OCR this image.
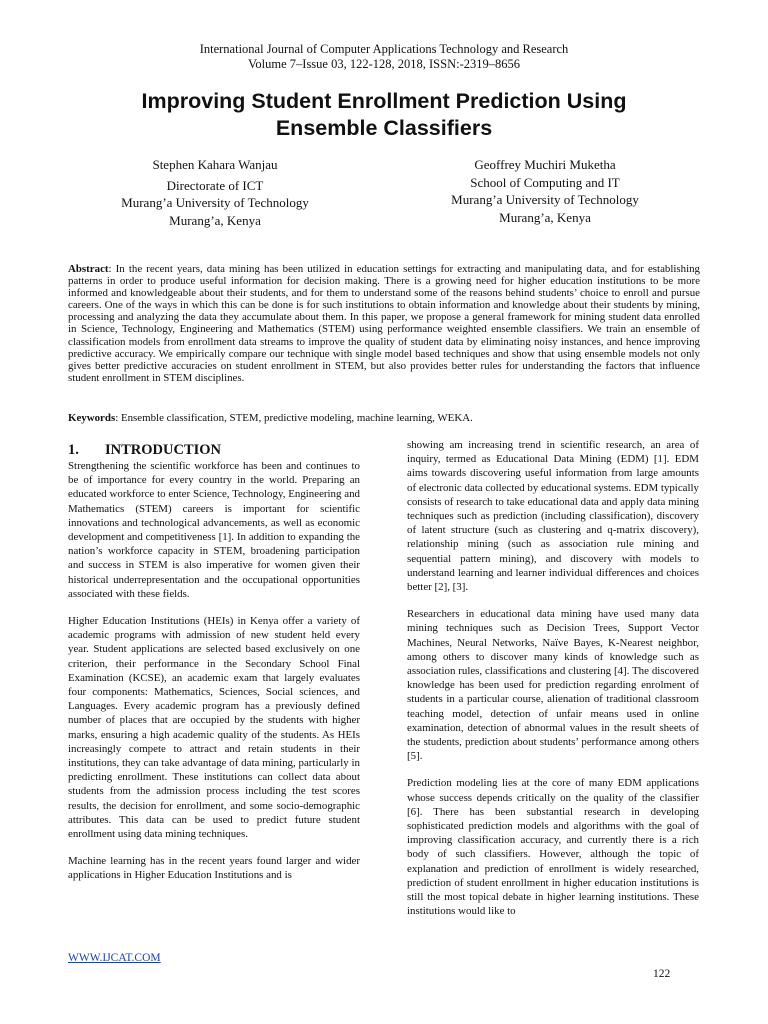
International Journal of Computer Applications Technology and Research
Volume 7–Issue 03, 122-128, 2018, ISSN:-2319–8656
Improving Student Enrollment Prediction Using
Ensemble Classifiers
Stephen Kahara Wanjau
Directorate of ICT
Murang’a University of Technology
Murang’a, Kenya
Geoffrey Muchiri Muketha
School of Computing and IT
Murang’a University of Technology
Murang’a, Kenya
Abstract: In the recent years, data mining has been utilized in education settings for extracting and manipulating data, and for establishing patterns in order to produce useful information for decision making. There is a growing need for higher education institutions to be more informed and knowledgeable about their students, and for them to understand some of the reasons behind students’ choice to enroll and pursue careers. One of the ways in which this can be done is for such institutions to obtain information and knowledge about their students by mining, processing and analyzing the data they accumulate about them. In this paper, we propose a general framework for mining student data enrolled in Science, Technology, Engineering and Mathematics (STEM) using performance weighted ensemble classifiers. We train an ensemble of classification models from enrollment data streams to improve the quality of student data by eliminating noisy instances, and hence improving predictive accuracy. We empirically compare our technique with single model based techniques and show that using ensemble models not only gives better predictive accuracies on student enrollment in STEM, but also provides better rules for understanding the factors that influence student enrollment in STEM disciplines.
Keywords: Ensemble classification, STEM, predictive modeling, machine learning, WEKA.
1. INTRODUCTION

Strengthening the scientific workforce has been and continues to be of importance for every country in the world. Preparing an educated workforce to enter Science, Technology, Engineering and Mathematics (STEM) careers is important for scientific innovations and technological advancements, as well as economic development and competitiveness [1]. In addition to expanding the nation’s workforce capacity in STEM, broadening participation and success in STEM is also imperative for women given their historical underrepresentation and the occupational opportunities associated with these fields.

Higher Education Institutions (HEIs) in Kenya offer a variety of academic programs with admission of new student held every year. Student applications are selected based exclusively on one criterion, their performance in the Secondary School Final Examination (KCSE), an academic exam that largely evaluates four components: Mathematics, Sciences, Social sciences, and Languages. Every academic program has a previously defined number of places that are occupied by the students with higher marks, ensuring a high academic quality of the students. As HEIs increasingly compete to attract and retain students in their institutions, they can take advantage of data mining, particularly in predicting enrollment. These institutions can collect data about students from the admission process including the test scores results, the decision for enrollment, and some socio-demographic attributes. This data can be used to predict future student enrollment using data mining techniques.

Machine learning has in the recent years found larger and wider applications in Higher Education Institutions and is

showing am increasing trend in scientific research, an area of inquiry, termed as Educational Data Mining (EDM) [1]. EDM aims towards discovering useful information from large amounts of electronic data collected by educational systems. EDM typically consists of research to take educational data and apply data mining techniques such as prediction (including classification), discovery of latent structure (such as clustering and q-matrix discovery), relationship mining (such as association rule mining and sequential pattern mining), and discovery with models to understand learning and learner individual differences and choices better [2], [3].

Researchers in educational data mining have used many data mining techniques such as Decision Trees, Support Vector Machines, Neural Networks, Naïve Bayes, K-Nearest neighbor, among others to discover many kinds of knowledge such as association rules, classifications and clustering [4]. The discovered knowledge has been used for prediction regarding enrolment of students in a particular course, alienation of traditional classroom teaching model, detection of unfair means used in online examination, detection of abnormal values in the result sheets of the students, prediction about students’ performance among others [5].

Prediction modeling lies at the core of many EDM applications whose success depends critically on the quality of the classifier [6]. There has been substantial research in developing sophisticated prediction models and algorithms with the goal of improving classification accuracy, and currently there is a rich body of such classifiers. However, although the topic of explanation and prediction of enrollment is widely researched, prediction of student enrollment in higher education institutions is still the most topical debate in higher learning institutions. These institutions would like to

WWW.IJCAT.COM
122
